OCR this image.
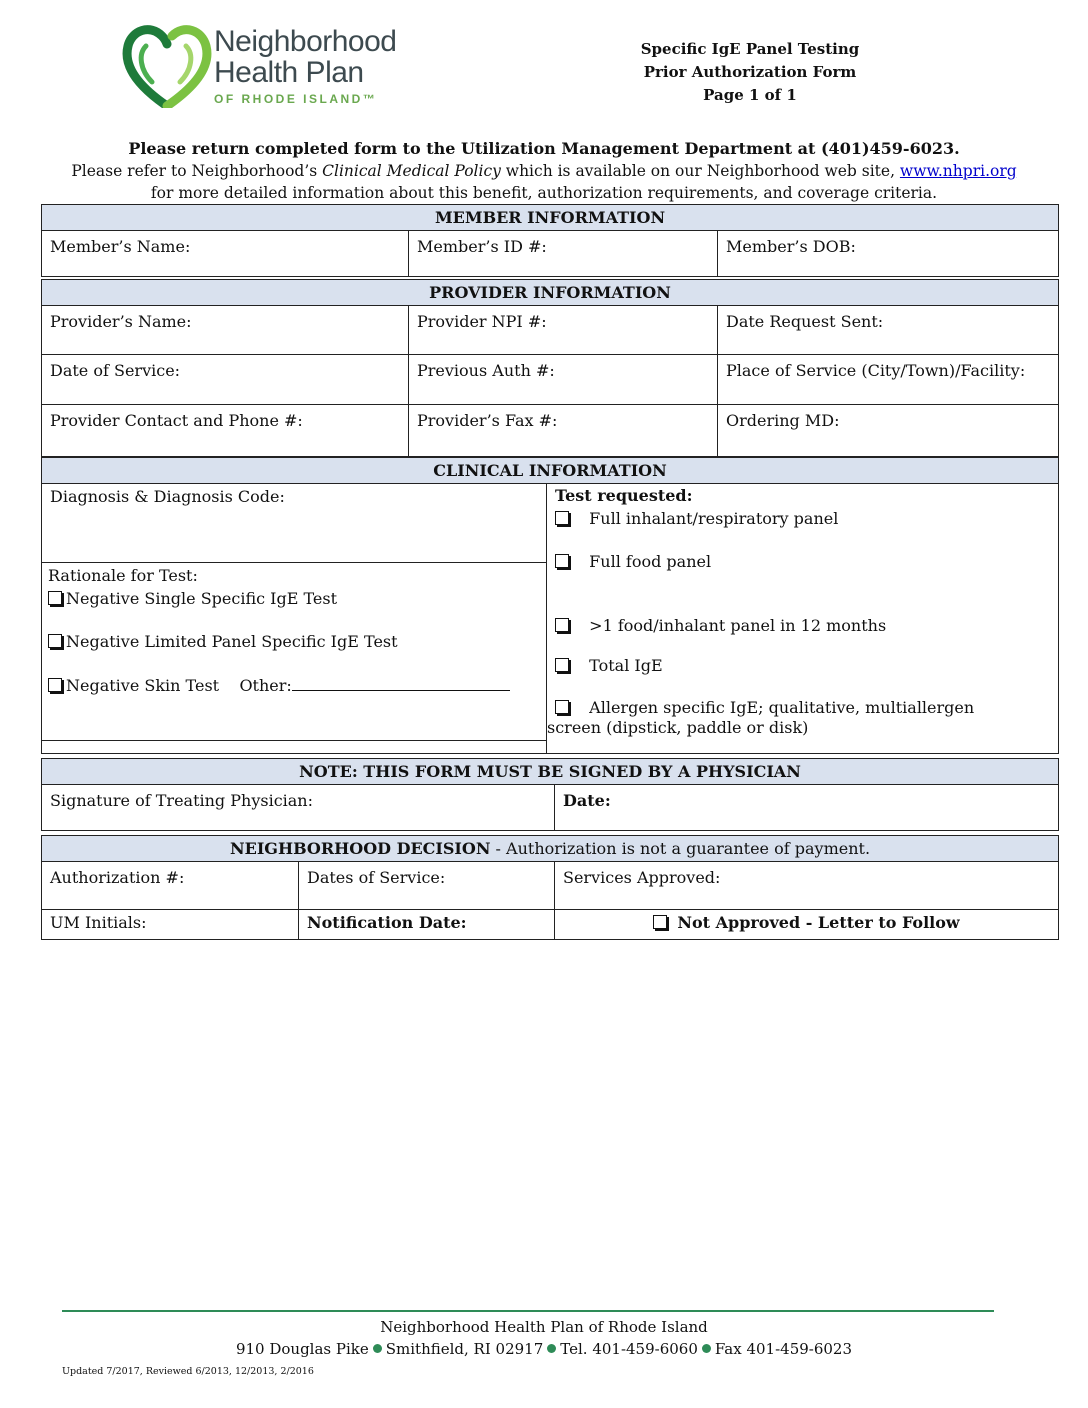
Neighborhood
Health Plan
OF RHODE ISLAND™
Specific IgE Panel Testing
Prior Authorization Form
Page 1 of 1
Please return completed form to the Utilization Management Department at (401)459-6023.
Please refer to Neighborhood’s Clinical Medical Policy which is available on our Neighborhood web site, www.nhpri.org
for more detailed information about this benefit, authorization requirements, and coverage criteria.
MEMBER INFORMATION
Member’s Name:	Member’s ID #:	Member’s DOB:
PROVIDER INFORMATION		
Provider’s Name:	Provider NPI #:	Date Request Sent:
Date of Service:	Previous Auth #:	Place of Service (City/Town)/Facility:
Provider Contact and Phone #:	Provider’s Fax #:	Ordering MD:
CLINICAL INFORMATION

Diagnosis & Diagnosis Code:
Rationale for Test:
Negative Single Specific IgE Test
Negative Limited Panel Specific IgE Test
Negative Skin Test Other:

Test requested:
Full inhalant/respiratory panel
Full food panel
>1 food/inhalant panel in 12 months
Total IgE
Allergen specific IgE; qualitative, multiallergen
screen (dipstick, paddle or disk)
NOTE: THIS FORM MUST BE SIGNED BY A PHYSICIAN
Signature of Treating Physician:	Date:
NEIGHBORHOOD DECISION - Authorization is not a guarantee of payment.		
Authorization #:	Dates of Service:	Services Approved:
UM Initials:	Notification Date:	Not Approved - Letter to Follow
Neighborhood Health Plan of Rhode Island
910 Douglas Pike Smithfield, RI 02917 Tel. 401-459-6060 Fax 401-459-6023
Updated 7/2017, Reviewed 6/2013, 12/2013, 2/2016
